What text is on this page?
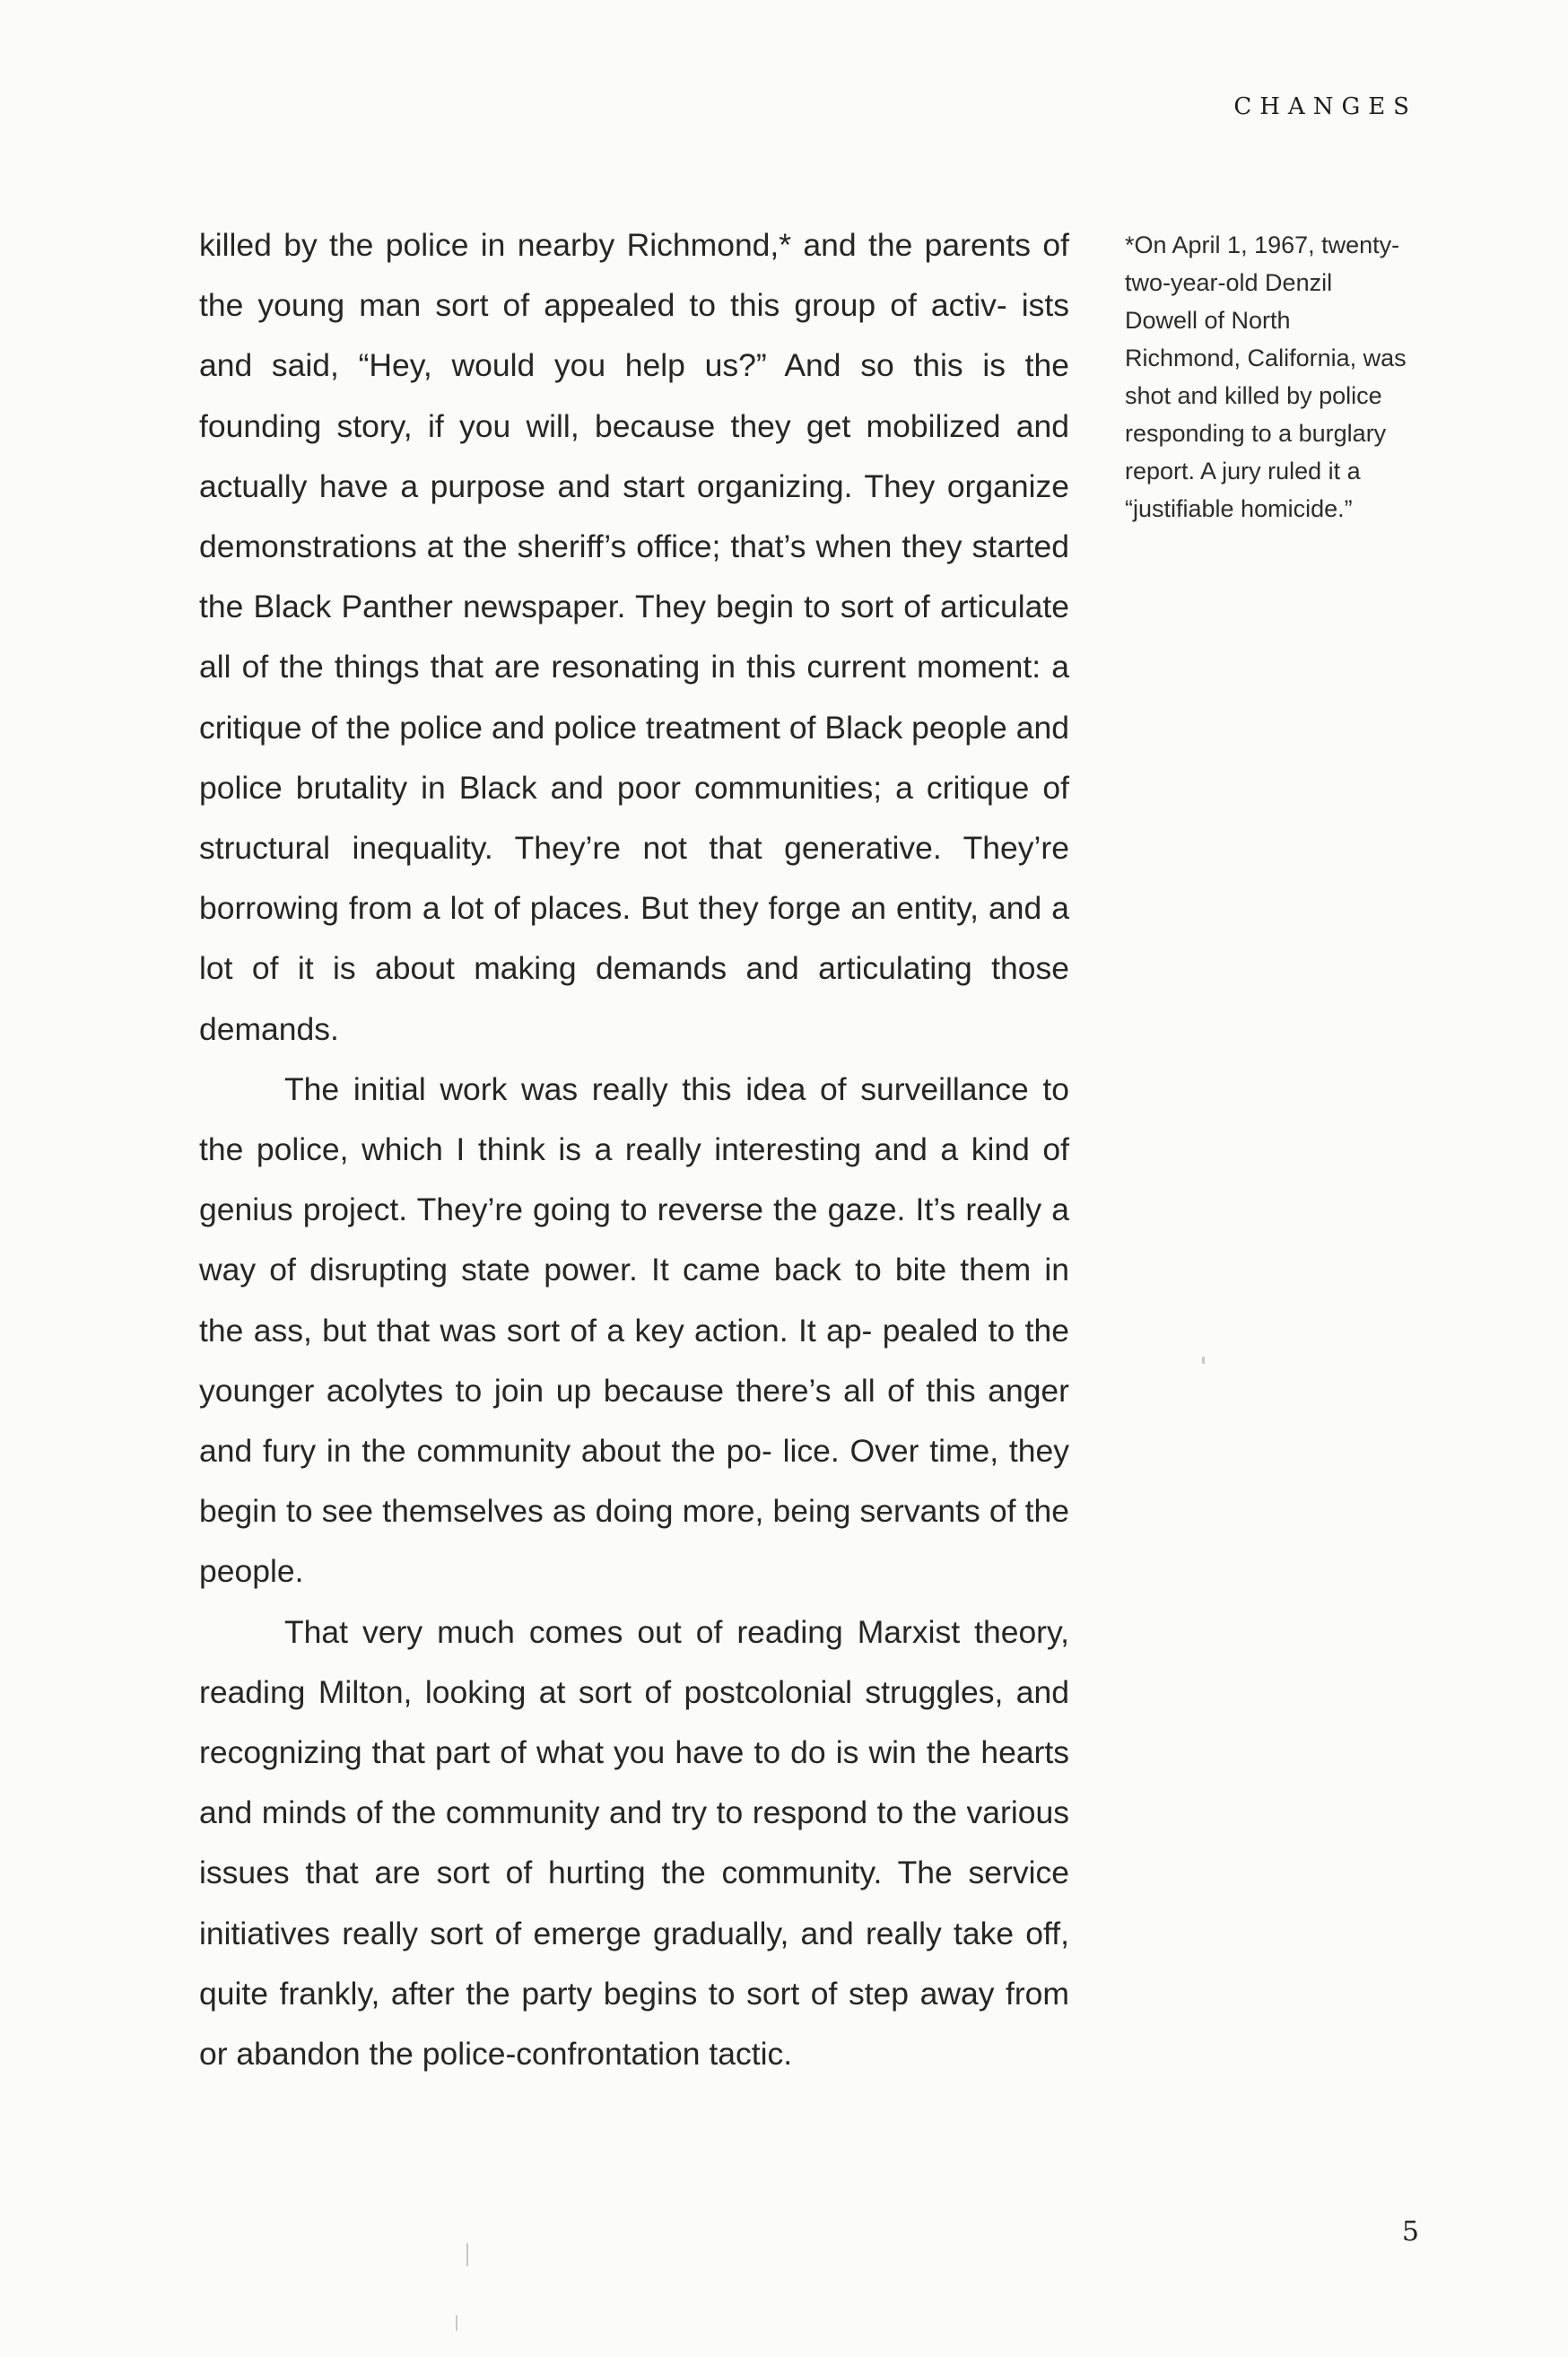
CHANGES

killed by the police in nearby Richmond,* and the parents of the young man sort of appealed to this group of activ- ists and said, “Hey, would you help us?” And so this is the founding story, if you will, because they get mobilized and actually have a purpose and start organizing. They organize demonstrations at the sheriff’s office; that’s when they started the Black Panther newspaper. They begin to sort of articulate all of the things that are resonating in this current moment: a critique of the police and police treatment of Black people and police brutality in Black and poor communities; a critique of structural inequality. They’re not that generative. They’re borrowing from a lot of places. But they forge an entity, and a lot of it is about making demands and articulating those demands.

The initial work was really this idea of surveillance to the police, which I think is a really interesting and a kind of genius project. They’re going to reverse the gaze. It’s really a way of disrupting state power. It came back to bite them in the ass, but that was sort of a key action. It ap- pealed to the younger acolytes to join up because there’s all of this anger and fury in the community about the po- lice. Over time, they begin to see themselves as doing more, being servants of the people.

That very much comes out of reading Marxist theory, reading Milton, looking at sort of postcolonial struggles, and recognizing that part of what you have to do is win the hearts and minds of the community and try to respond to the various issues that are sort of hurting the community. The service initiatives really sort of emerge gradually, and really take off, quite frankly, after the party begins to sort of step away from or abandon the police-confrontation tactic.

*On April 1, 1967, twenty-two-year-old Denzil Dowell of North Richmond, California, was shot and killed by police responding to a burglary report. A jury ruled it a “justifiable homicide.”
5
